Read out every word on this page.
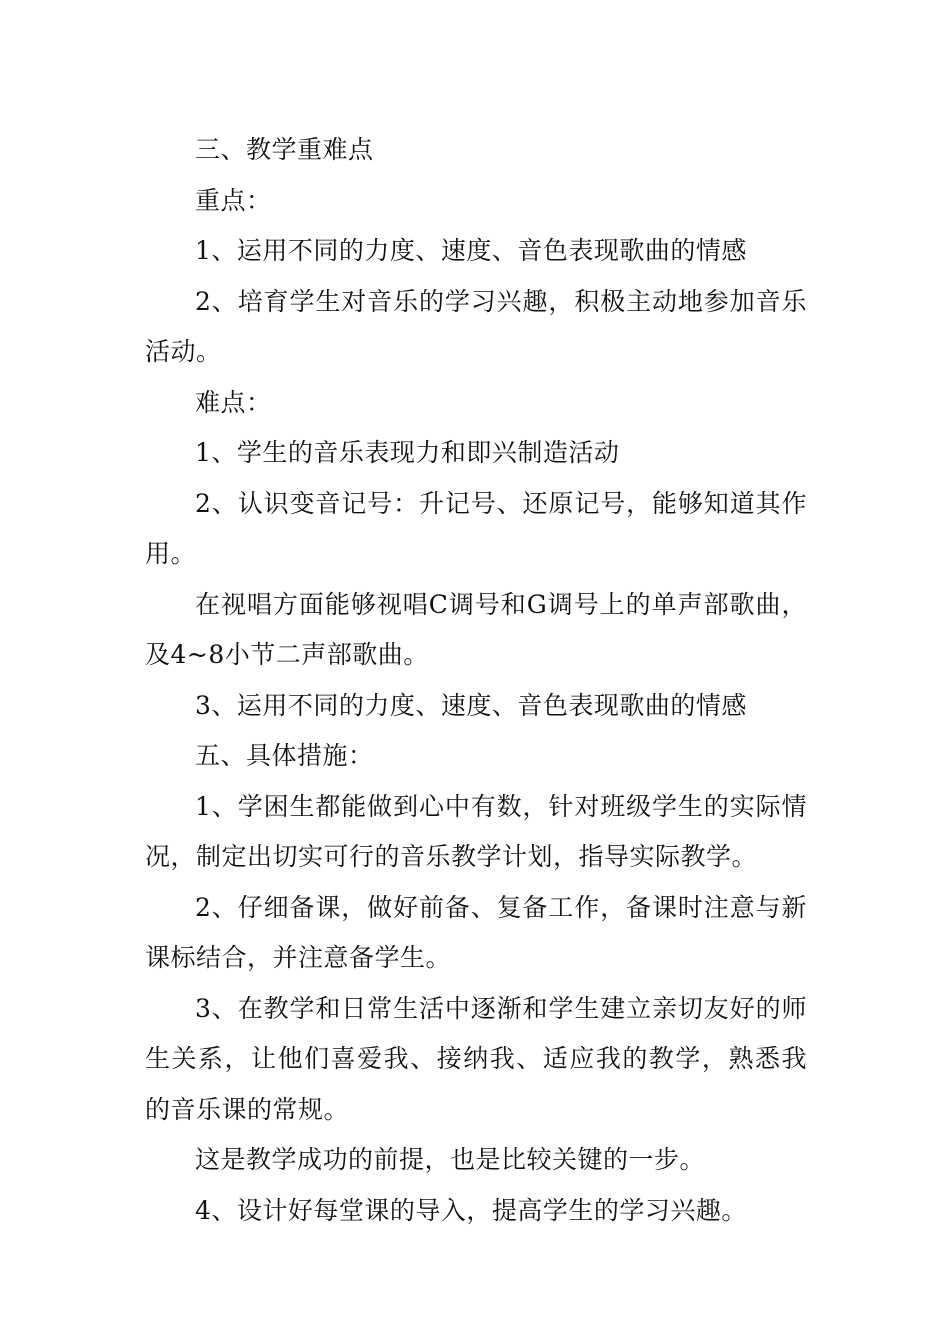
三、教学重难点

重点：

1、运用不同的力度、速度、音色表现歌曲的情感

2、培育学生对音乐的学习兴趣，积极主动地参加音乐活动。

难点：

1、学生的音乐表现力和即兴制造活动

2、认识变音记号：升记号、还原记号，能够知道其作用。

在视唱方面能够视唱C调号和G调号上的单声部歌曲，及4~8小节二声部歌曲。

3、运用不同的力度、速度、音色表现歌曲的情感

五、具体措施：

1、学困生都能做到心中有数，针对班级学生的实际情况，制定出切实可行的音乐教学计划，指导实际教学。

2、仔细备课，做好前备、复备工作，备课时注意与新课标结合，并注意备学生。

3、在教学和日常生活中逐渐和学生建立亲切友好的师生关系，让他们喜爱我、接纳我、适应我的教学，熟悉我的音乐课的常规。

这是教学成功的前提，也是比较关键的一步。

4、设计好每堂课的导入，提高学生的学习兴趣。
